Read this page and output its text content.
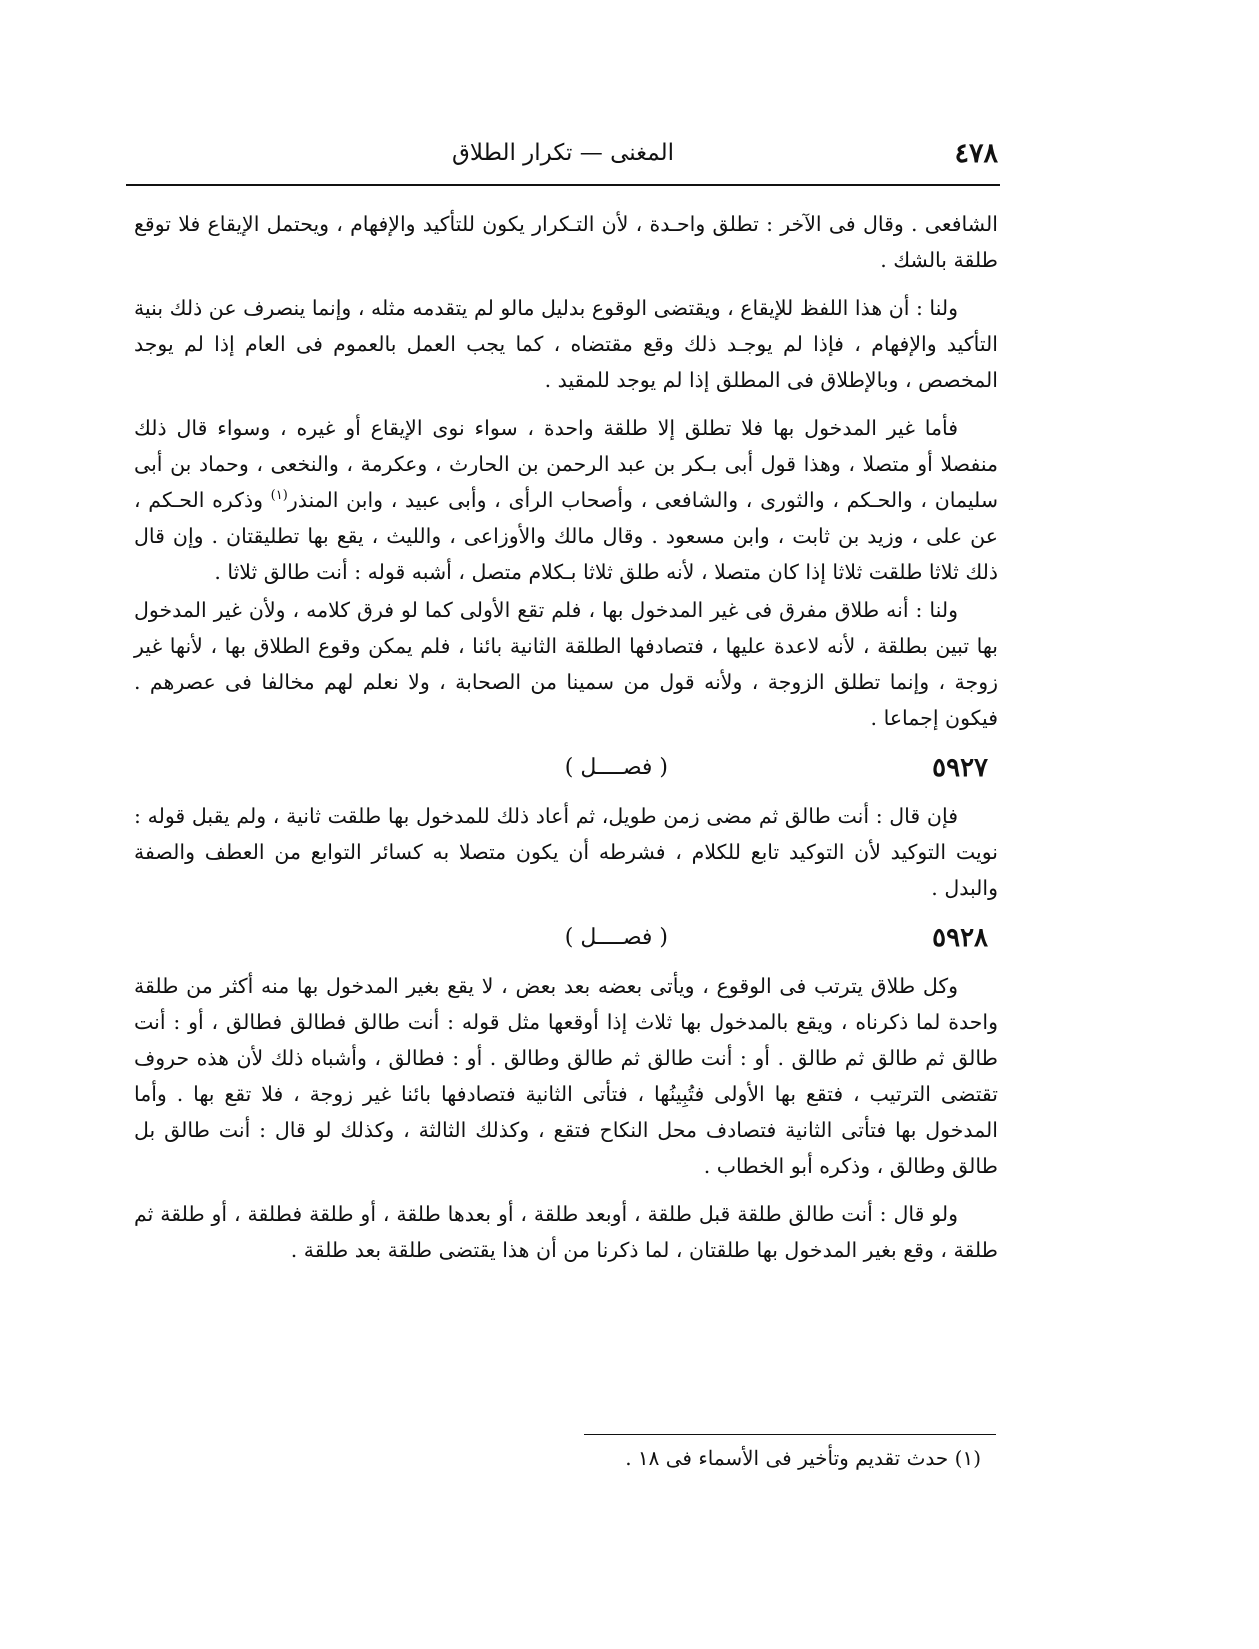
٤٧٨
المغنى — تكرار الطلاق

الشافعى . وقال فى الآخر : تطلق واحـدة ، لأن التـكرار يكون للتأكيد والإفهام ، ويحتمل الإيقاع فلا توقع طلقة بالشك .

ولنا : أن هذا اللفظ للإيقاع ، ويقتضى الوقوع بدليل مالو لم يتقدمه مثله ، وإنما ينصرف عن ذلك بنية التأكيد والإفهام ، فإذا لم يوجـد ذلك وقع مقتضاه ، كما يجب العمل بالعموم فى العام إذا لم يوجد المخصص ، وبالإطلاق فى المطلق إذا لم يوجد للمقيد .

فأما غير المدخول بها فلا تطلق إلا طلقة واحدة ، سواء نوى الإيقاع أو غيره ، وسواء قال ذلك منفصلا أو متصلا ، وهذا قول أبى بـكر بن عبد الرحمن بن الحارث ، وعكرمة ، والنخعى ، وحماد بن أبى سليمان ، والحـكم ، والثورى ، والشافعى ، وأصحاب الرأى ، وأبى عبيد ، وابن المنذر$^{(١)}$ وذكره الحـكم ، عن على ، وزيد بن ثابت ، وابن مسعود . وقال مالك والأوزاعى ، والليث ، يقع بها تطليقتان . وإن قال ذلك ثلاثا طلقت ثلاثا إذا كان متصلا ، لأنه طلق ثلاثا بـكلام متصل ، أشبه قوله : أنت طالق ثلاثا .

ولنا : أنه طلاق مفرق فى غير المدخول بها ، فلم تقع الأولى كما لو فرق كلامه ، ولأن غير المدخول بها تبين بطلقة ، لأنه لاعدة عليها ، فتصادفها الطلقة الثانية بائنا ، فلم يمكن وقوع الطلاق بها ، لأنها غير زوجة ، وإنما تطلق الزوجة ، ولأنه قول من سمينا من الصحابة ، ولا نعلم لهم مخالفا فى عصرهم . فيكون إجماعا .

٥٩٢٧
( فصــــل )

فإن قال : أنت طالق ثم مضى زمن طويل، ثم أعاد ذلك للمدخول بها طلقت ثانية ، ولم يقبل قوله : نويت التوكيد لأن التوكيد تابع للكلام ، فشرطه أن يكون متصلا به كسائر التوابع من العطف والصفة والبدل .

٥٩٢٨
( فصــــل )

وكل طلاق يترتب فى الوقوع ، ويأتى بعضه بعد بعض ، لا يقع بغير المدخول بها منه أكثر من طلقة واحدة لما ذكرناه ، ويقع بالمدخول بها ثلاث إذا أوقعها مثل قوله : أنت طالق فطالق فطالق ، أو : أنت طالق ثم طالق ثم طالق . أو : أنت طالق ثم طالق وطالق . أو : فطالق ، وأشباه ذلك لأن هذه حروف تقتضى الترتيب ، فتقع بها الأولى فتُبِينُها ، فتأتى الثانية فتصادفها بائنا غير زوجة ، فلا تقع بها . وأما المدخول بها فتأتى الثانية فتصادف محل النكاح فتقع ، وكذلك الثالثة ، وكذلك لو قال : أنت طالق بل طالق وطالق ، وذكره أبو الخطاب .

ولو قال : أنت طالق طلقة قبل طلقة ، أوبعد طلقة ، أو بعدها طلقة ، أو طلقة فطلقة ، أو طلقة ثم طلقة ، وقع بغير المدخول بها طلقتان ، لما ذكرنا من أن هذا يقتضى طلقة بعد طلقة .

(١) حدث تقديم وتأخير فى الأسماء فى ١٨ .
